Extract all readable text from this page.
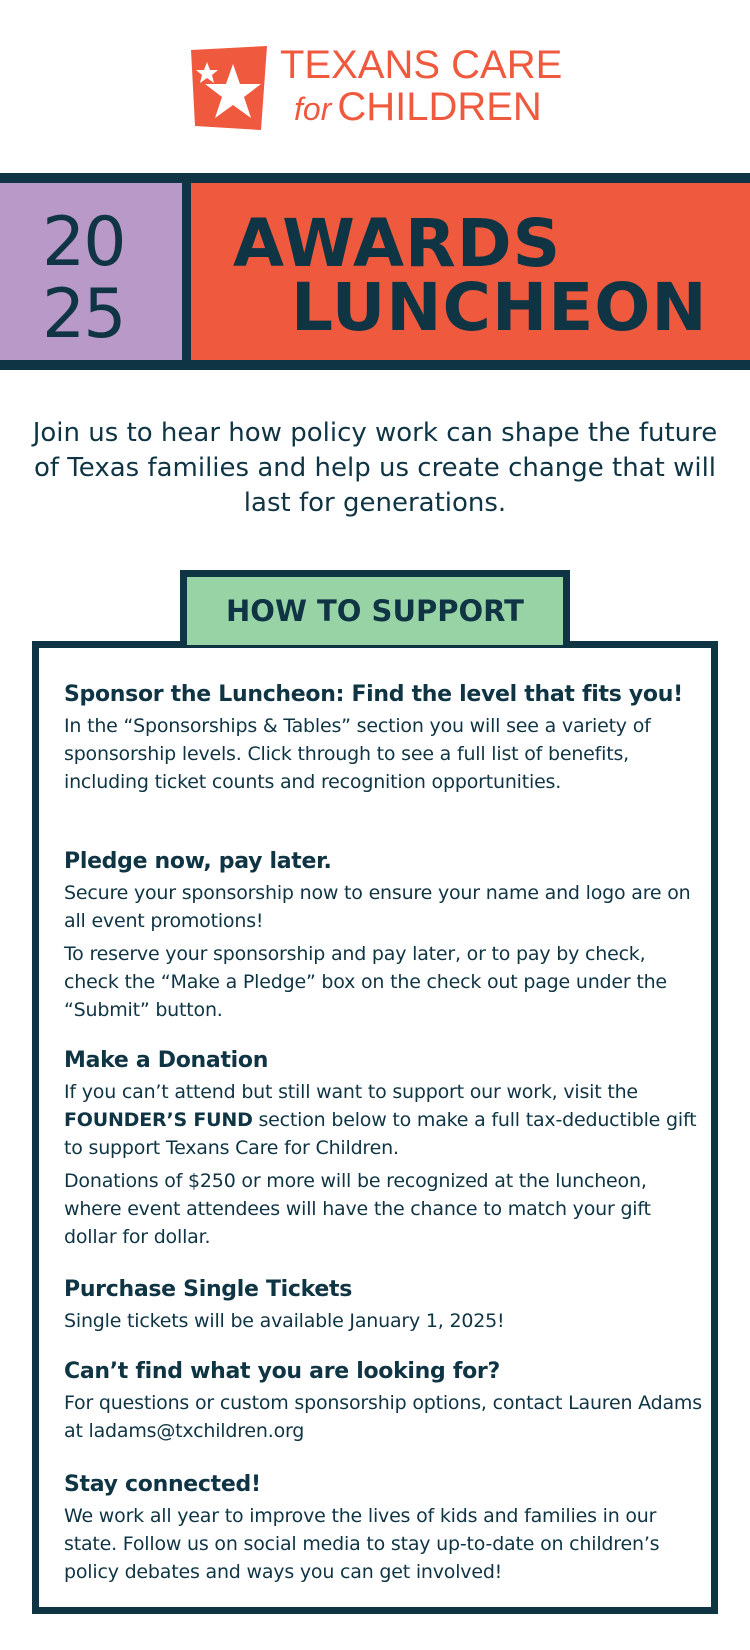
TEXANS CARE
for CHILDREN
20
25
AWARDS
LUNCHEON

Join us to hear how policy work can shape the future of Texas families and help us create change that will last for generations.

HOW TO SUPPORT
Sponsor the Luncheon: Find the level that fits you!

In the “Sponsorships & Tables” section you will see a variety of sponsorship levels. Click through to see a full list of benefits, including ticket counts and recognition opportunities.

Pledge now, pay later.

Secure your sponsorship now to ensure your name and logo are on all event promotions!

To reserve your sponsorship and pay later, or to pay by check, check the “Make a Pledge” box on the check out page under the “Submit” button.

Make a Donation

If you can’t attend but still want to support our work, visit the FOUNDER’S FUND section below to make a full tax-deductible gift to support Texans Care for Children.

Donations of $250 or more will be recognized at the luncheon, where event attendees will have the chance to match your gift dollar for dollar.

Purchase Single Tickets

Single tickets will be available January 1, 2025!

Can’t find what you are looking for?

For questions or custom sponsorship options, contact Lauren Adams at ladams@txchildren.org

Stay connected!

We work all year to improve the lives of kids and families in our state. Follow us on social media to stay up-to-date on children’s policy debates and ways you can get involved!
